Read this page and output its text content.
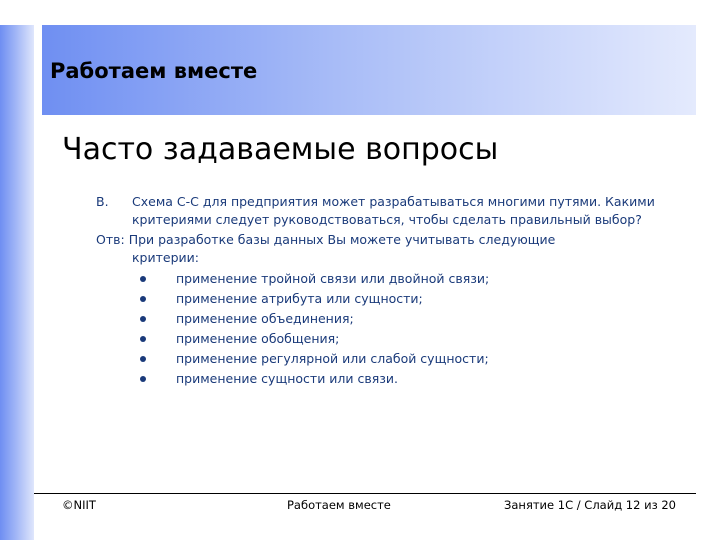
Работаем вместе
Часто задаваемые вопросы
В.	Схема С-С для предприятия может разрабатываться многими путями. Какими критериями следует руководствоваться, чтобы сделать правильный выбор?
Отв: При разработке базы данных Вы можете учитывать следующие
критерии:
применение тройной связи или двойной связи;
применение атрибута или сущности;
применение объединения;
применение обобщения;
применение регулярной или слабой сущности;
применение сущности или связи.
©NIIT	Работаем вместе	Занятие 1С / Слайд 12 из 20
